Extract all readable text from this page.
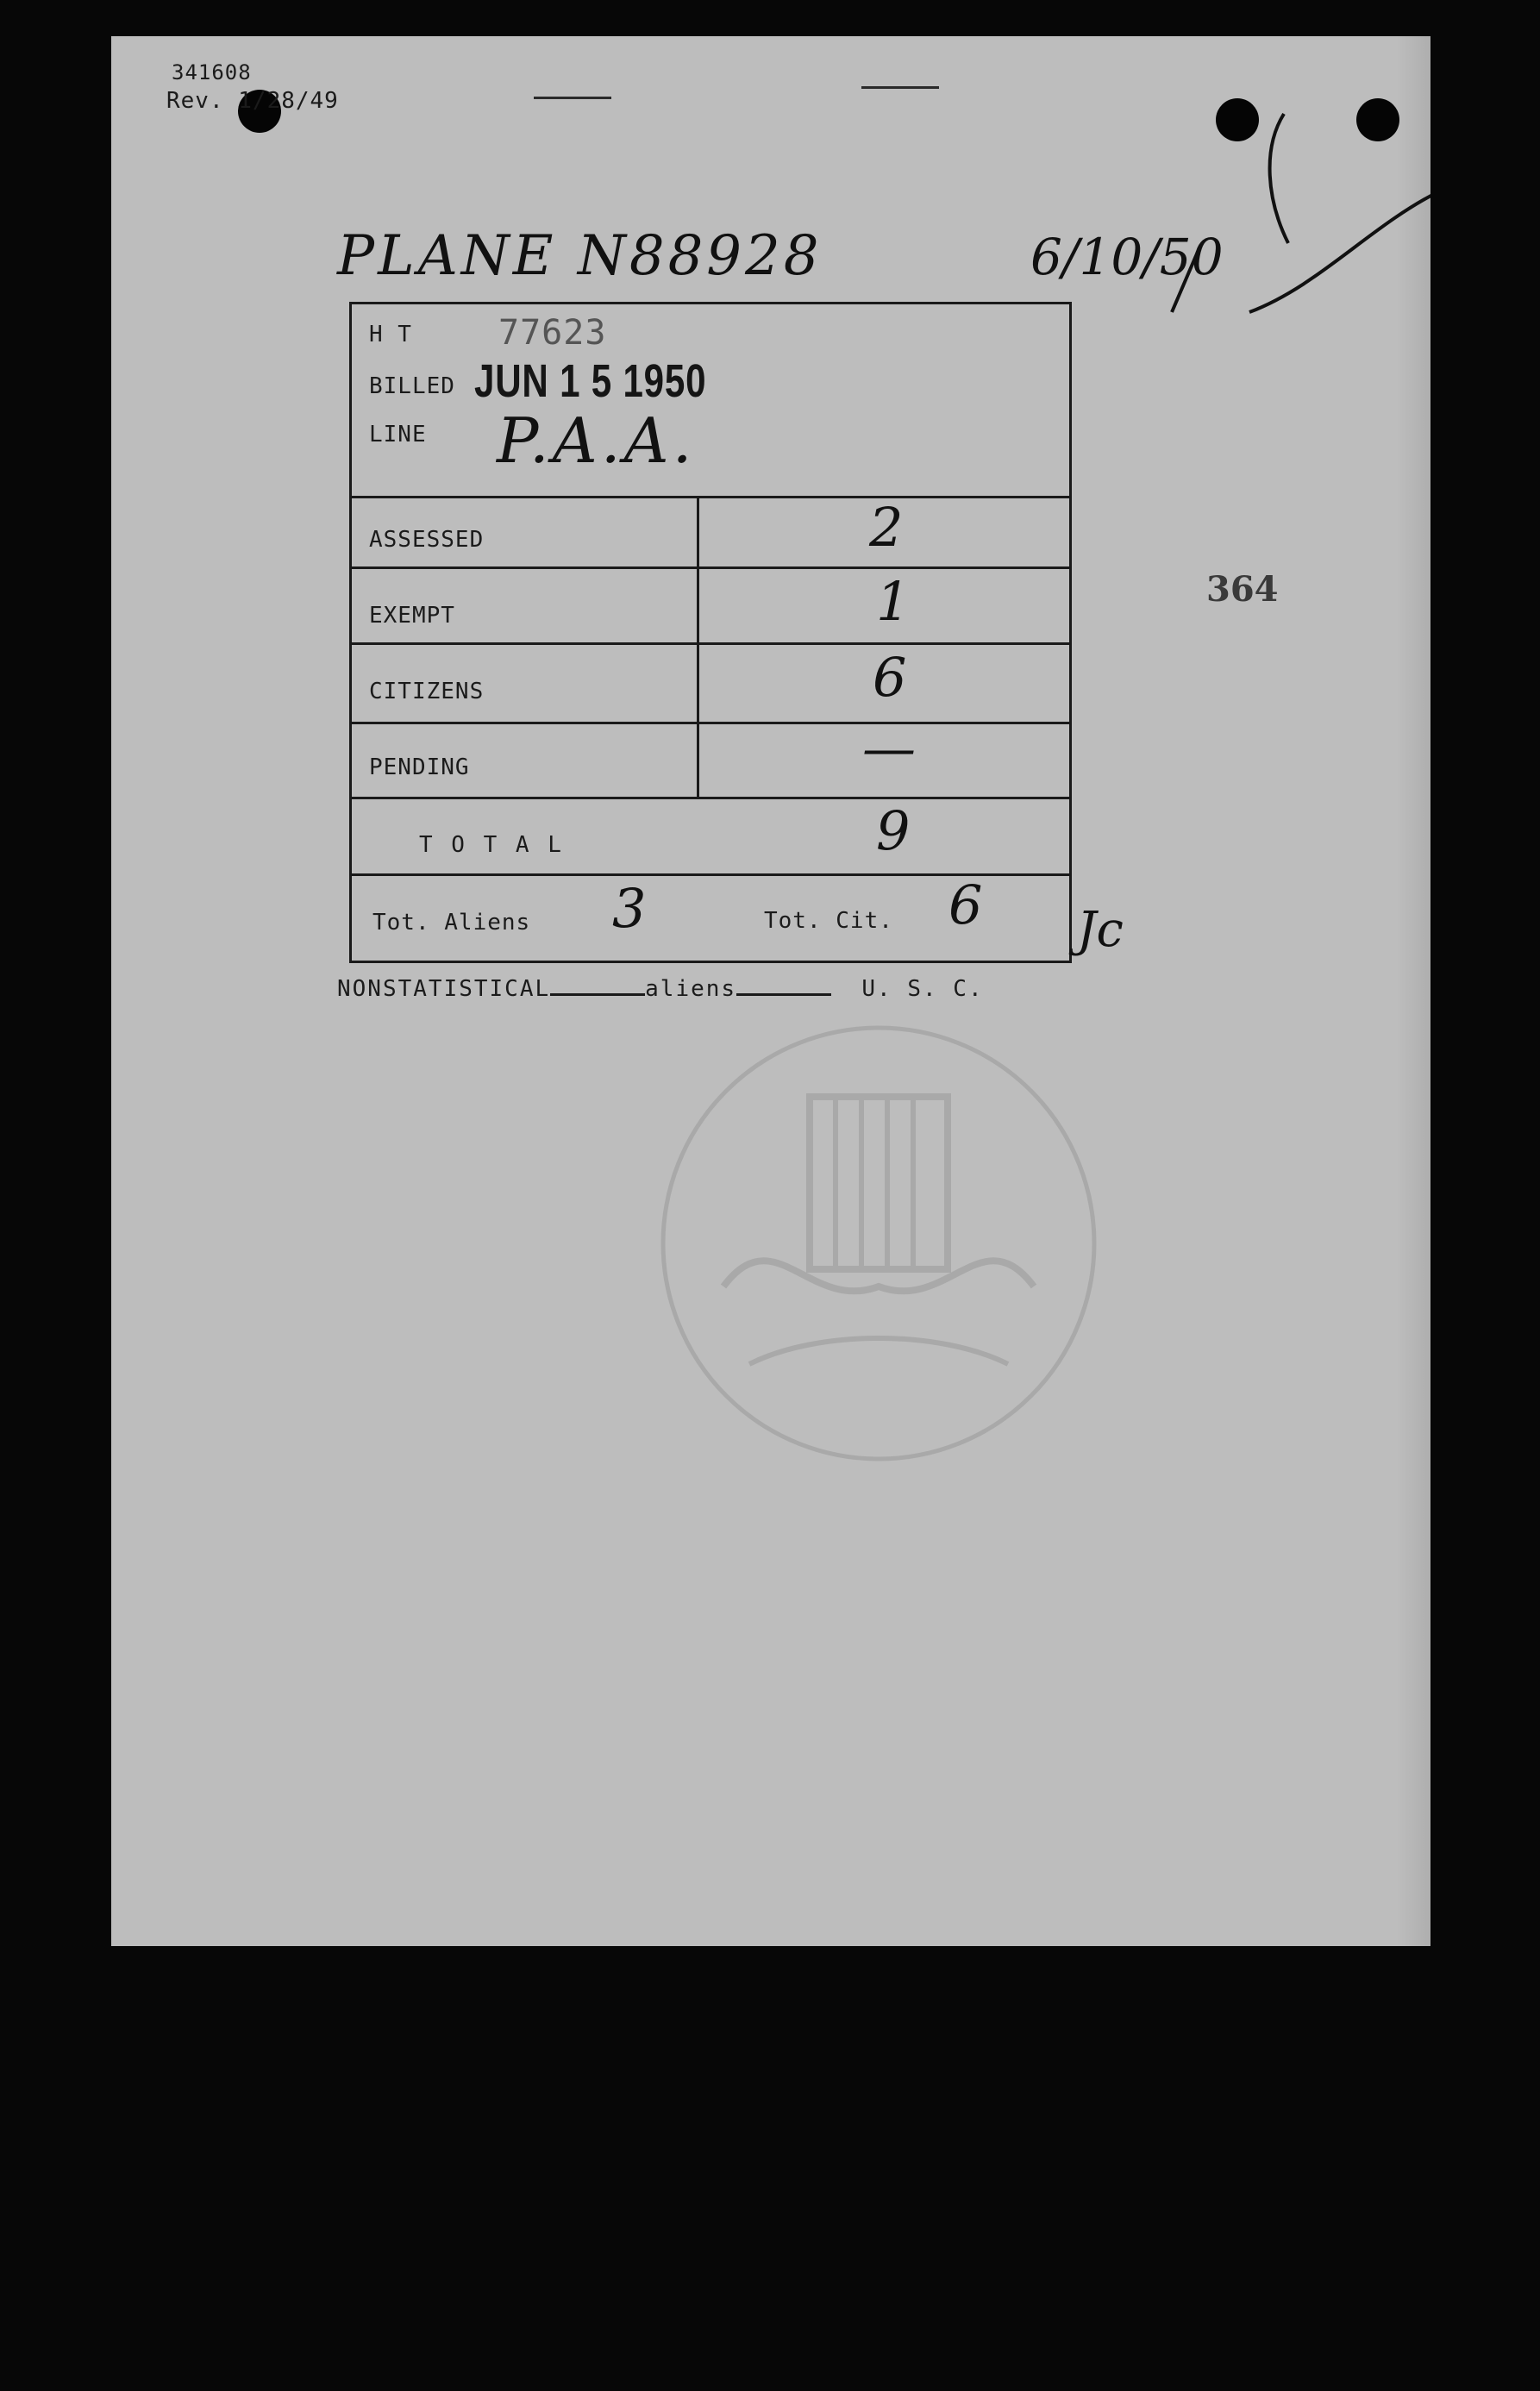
341608
Rev. 1/28/49
PLANE N88928	6/10/50
364
H T	77623
BILLED JUN 1 5 1950
LINE P.A.A.
ASSESSED	2
EXEMPT	1
CITIZENS	6
PENDING	—
T O T A L	9
Tot. Aliens 3	Tot. Cit. 6 Jc
NONSTATISTICAL	aliens	U. S. C.
